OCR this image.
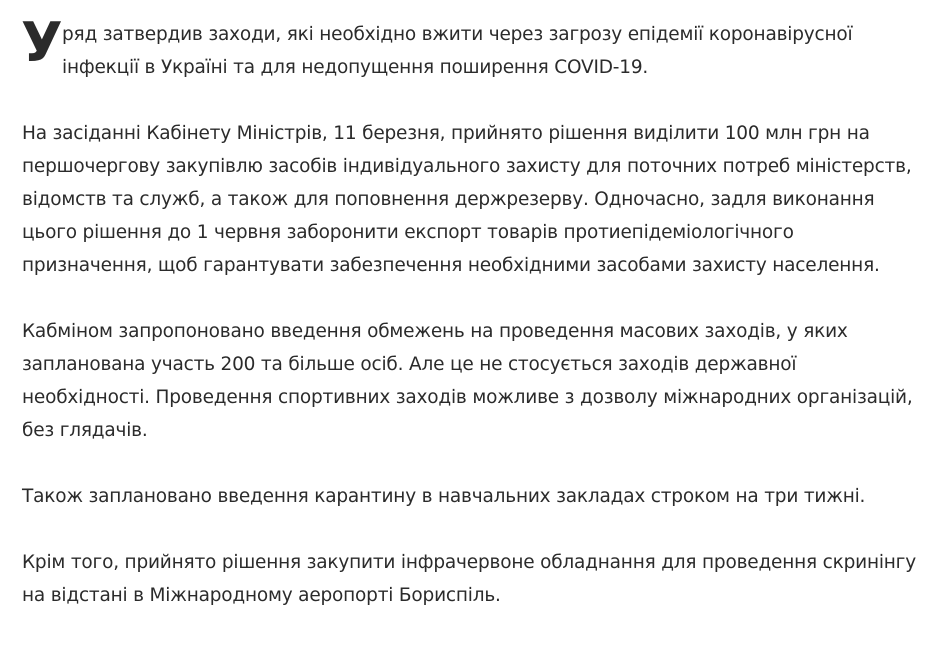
У ряд затвердив заходи, які необхідно вжити через загрозу епідемії коронавірусної інфекції в Україні та для недопущення поширення COVID-19.

На засіданні Кабінету Міністрів, 11 березня, прийнято рішення виділити 100 млн грн на першочергову закупівлю засобів індивідуального захисту для поточних потреб міністерств, відомств та служб, а також для поповнення держрезерву. Одночасно, задля виконання цього рішення до 1 червня заборонити експорт товарів протиепідеміологічного призначення, щоб гарантувати забезпечення необхідними засобами захисту населення.

Кабміном запропоновано введення обмежень на проведення масових заходів, у яких запланована участь 200 та більше осіб. Але це не стосується заходів державної необхідності. Проведення спортивних заходів можливе з дозволу міжнародних організацій, без глядачів.

Також заплановано введення карантину в навчальних закладах строком на три тижні.

Крім того, прийнято рішення закупити інфрачервоне обладнання для проведення скринінгу на відстані в Міжнародному аеропорті Бориспіль.
